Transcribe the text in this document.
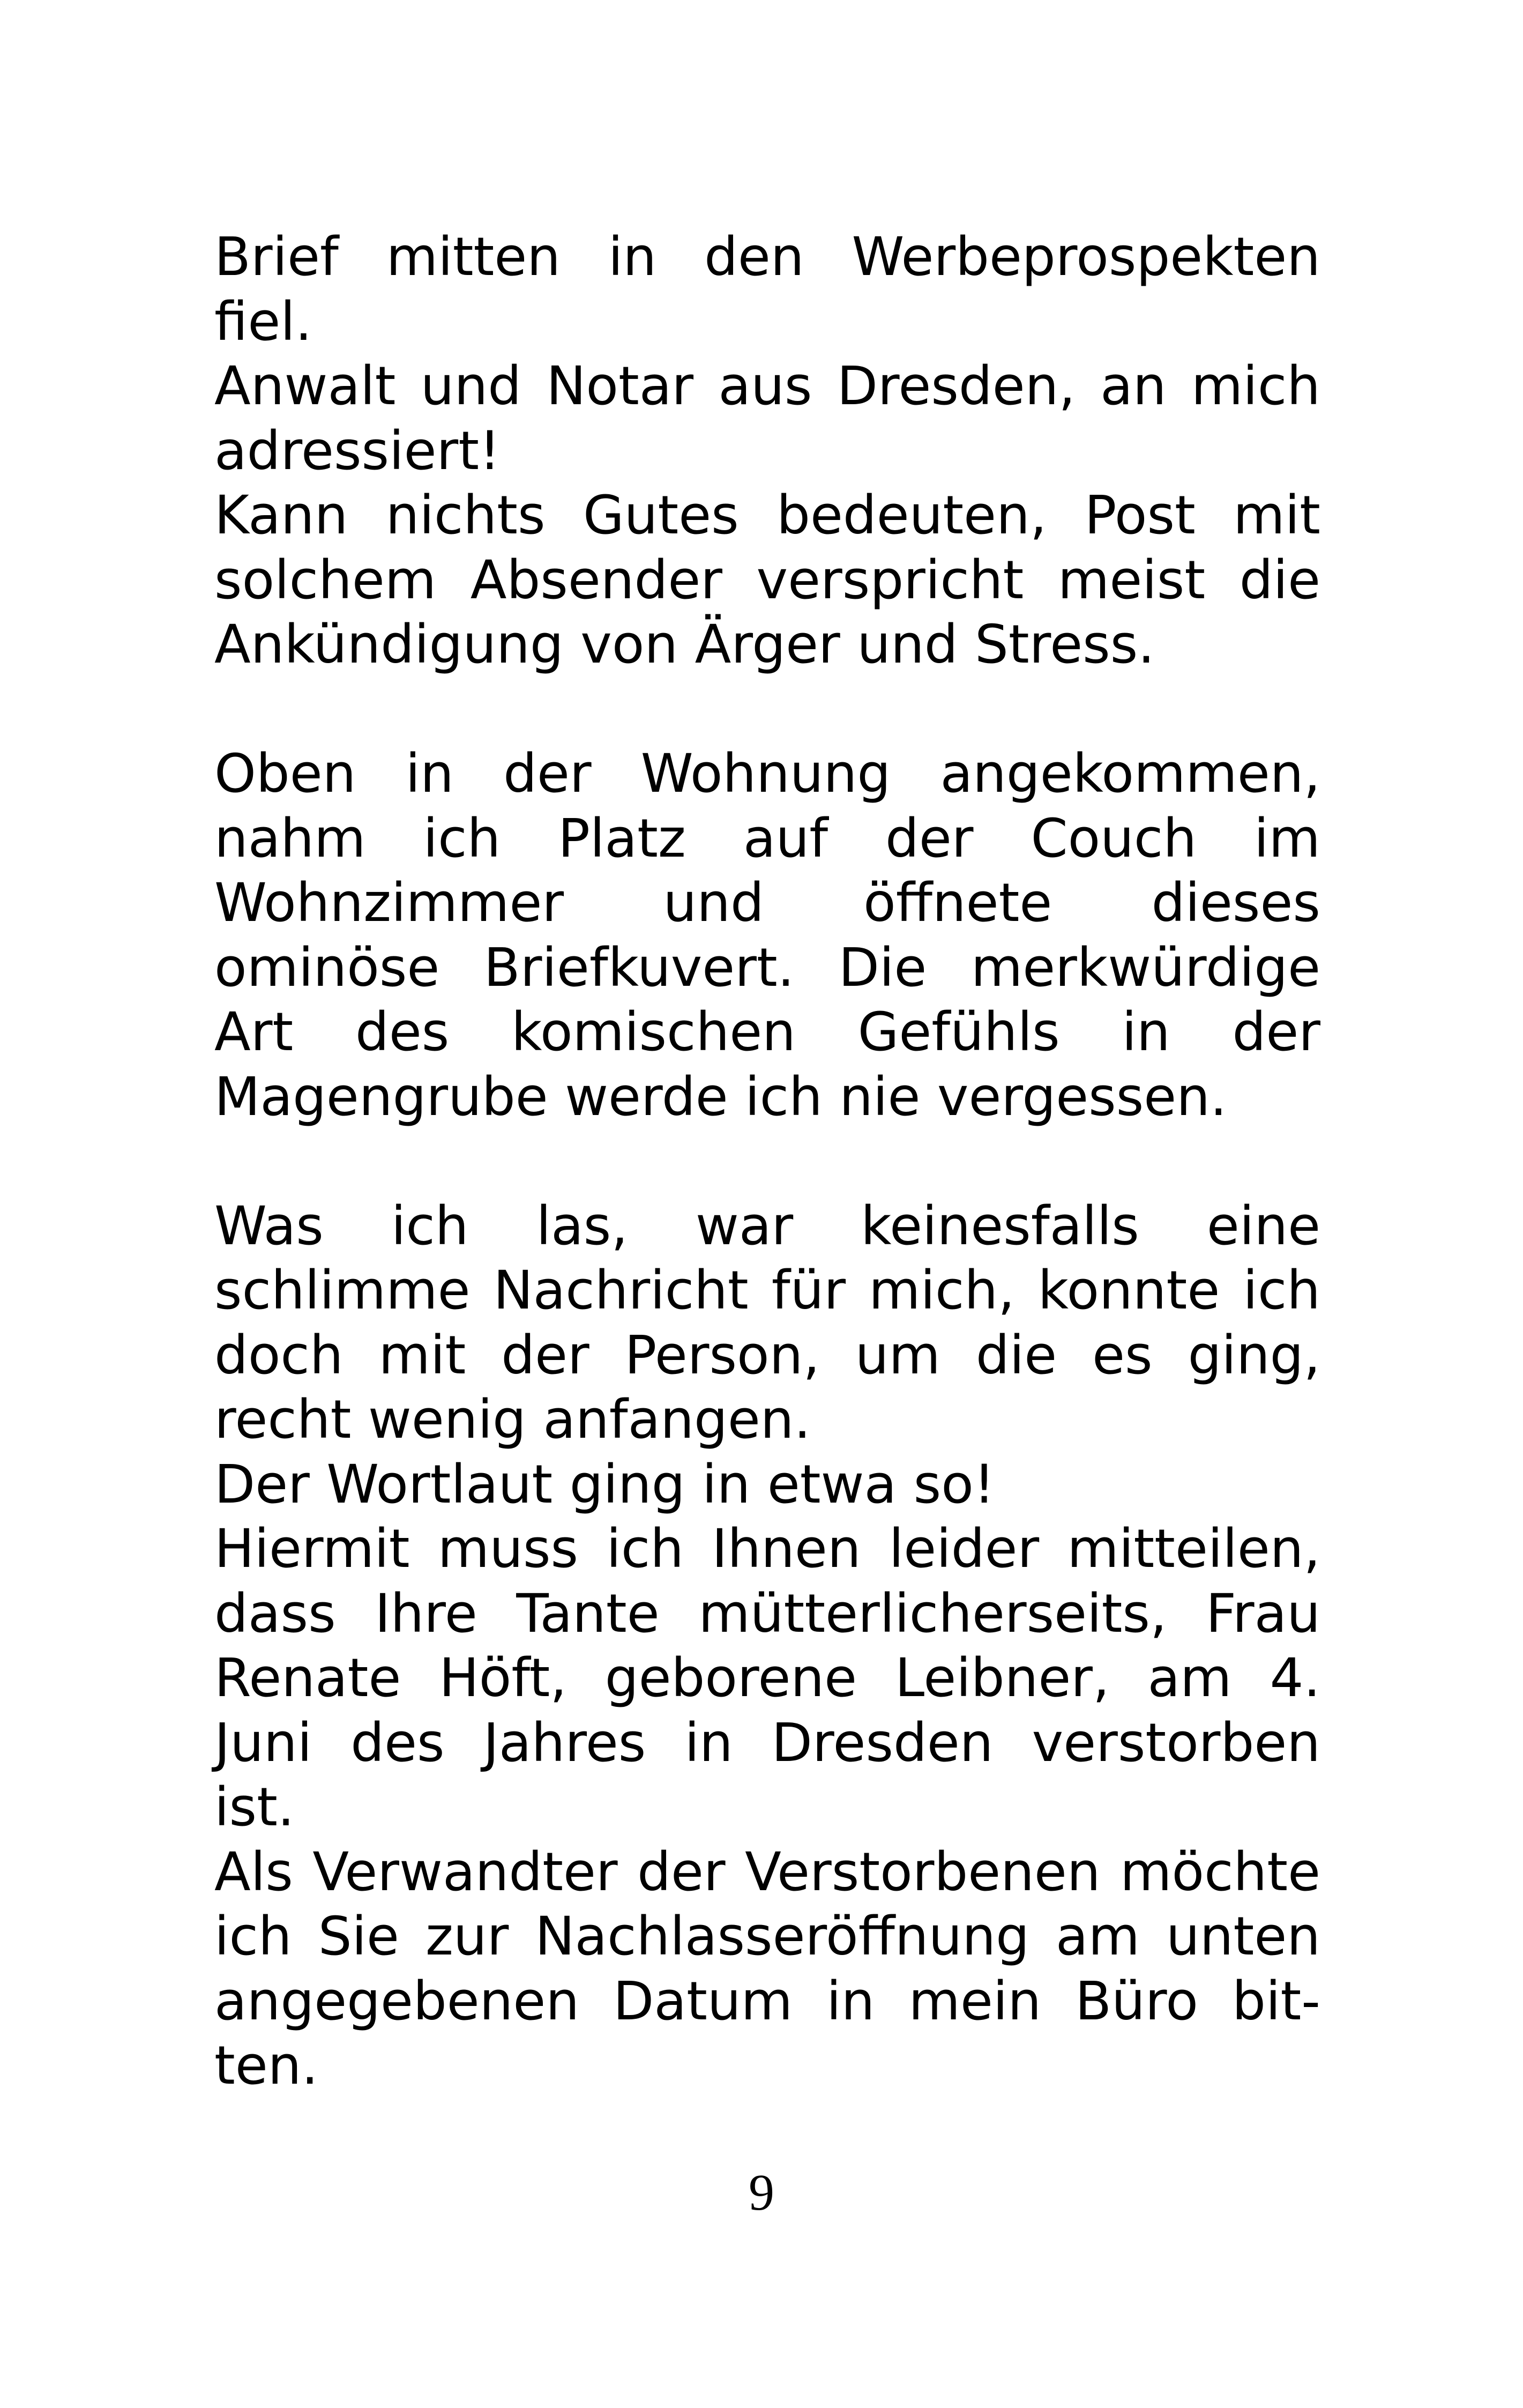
Brief mitten in den Werbeprospekten
fiel.
Anwalt und Notar aus Dresden, an mich
adressiert!
Kann nichts Gutes bedeuten, Post mit
solchem Absender verspricht meist die
Ankündigung von Ärger und Stress.
Oben in der Wohnung angekommen,
nahm ich Platz auf der Couch im
Wohnzimmer und öffnete dieses
ominöse Briefkuvert. Die merkwürdige
Art des komischen Gefühls in der
Magengrube werde ich nie vergessen.
Was ich las, war keinesfalls eine
schlimme Nachricht für mich, konnte ich
doch mit der Person, um die es ging,
recht wenig anfangen.
Der Wortlaut ging in etwa so!
Hiermit muss ich Ihnen leider mitteilen,
dass Ihre Tante mütterlicherseits, Frau
Renate Höft, geborene Leibner, am 4.
Juni des Jahres in Dresden verstorben
ist.
Als Verwandter der Verstorbenen möchte
ich Sie zur Nachlasseröffnung am unten
angegebenen Datum in mein Büro bit-
ten.
9
